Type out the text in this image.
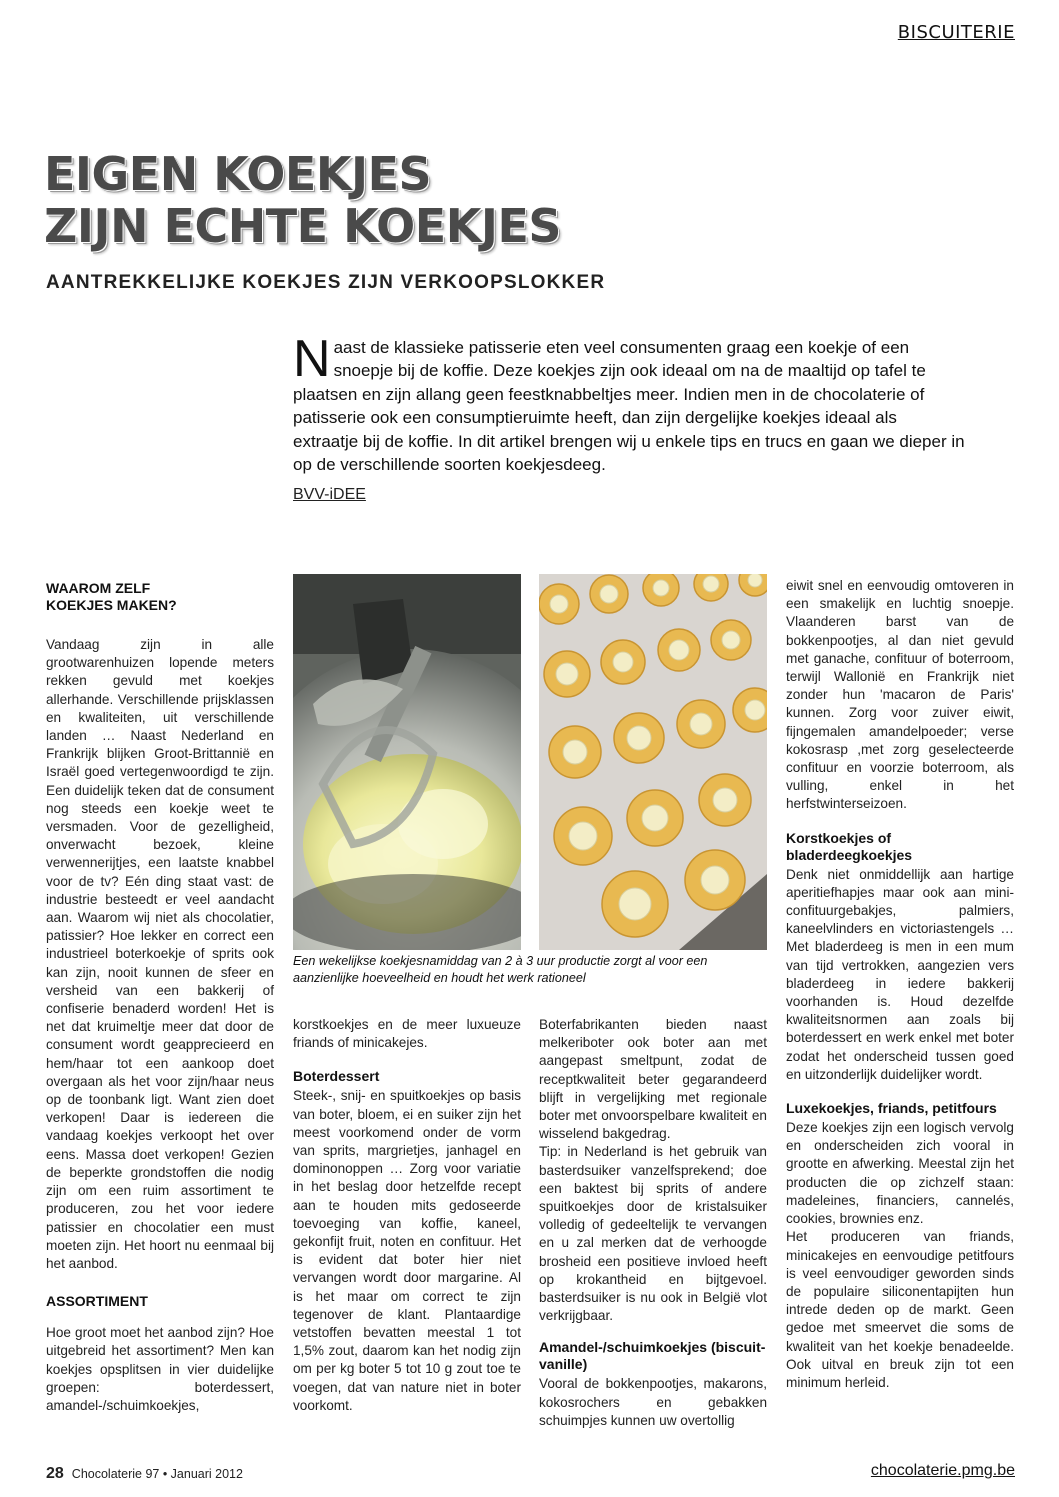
BISCUITERIE
EIGEN KOEKJES
ZIJN ECHTE KOEKJES
AANTREKKELIJKE KOEKJES ZIJN VERKOOPSLOKKER
Naast de klassieke patisserie eten veel consumenten graag een koekje of een snoepje bij de koffie. Deze koekjes zijn ook ideaal om na de maaltijd op tafel te plaatsen en zijn allang geen feestknabbeltjes meer. Indien men in de chocolaterie of patisserie ook een consumptieruimte heeft, dan zijn dergelijke koekjes ideaal als extraatje bij de koffie. In dit artikel brengen wij u enkele tips en trucs en gaan we dieper in op de verschillende soorten koekjesdeeg.
BVV-iDEE
WAAROM ZELF KOEKJES MAKEN?

Vandaag zijn in alle grootwarenhuizen lopende meters rekken gevuld met koekjes allerhande. Verschillende prijsklassen en kwaliteiten, uit verschillende landen … Naast Nederland en Frankrijk blijken Groot-Brittannië en Israël goed vertegenwoordigd te zijn. Een duidelijk teken dat de consument nog steeds een koekje weet te versmaden. Voor de gezelligheid, onverwacht bezoek, kleine verwennerijtjes, een laatste knabbel voor de tv? Eén ding staat vast: de industrie besteedt er veel aandacht aan. Waarom wij niet als chocolatier, patissier? Hoe lekker en correct een industrieel boterkoekje of sprits ook kan zijn, nooit kunnen de sfeer en versheid van een bakkerij of confiserie benaderd worden! Het is net dat kruimeltje meer dat door de consument wordt geapprecieerd en hem/haar tot een aankoop doet overgaan als het voor zijn/haar neus op de toonbank ligt. Want zien doet verkopen! Daar is iedereen die vandaag koekjes verkoopt het over eens. Massa doet verkopen! Gezien de beperkte grondstoffen die nodig zijn om een ruim assortiment te produceren, zou het voor iedere patissier en chocolatier een must moeten zijn. Het hoort nu eenmaal bij het aanbod.

ASSORTIMENT

Hoe groot moet het aanbod zijn? Hoe uitgebreid het assortiment? Men kan koekjes opsplitsen in vier duidelijke groepen: boterdessert, amandel-/schuimkoekjes,

Een wekelijkse koekjesnamiddag van 2 à 3 uur productie zorgt al voor een aanzienlijke hoeveelheid en houdt het werk rationeel

korstkoekjes en de meer luxueuze friands of minicakejes.

Boterdessert

Steek-, snij- en spuitkoekjes op basis van boter, bloem, ei en suiker zijn het meest voorkomend onder de vorm van sprits, margrietjes, janhagel en dominonoppen … Zorg voor variatie in het beslag door hetzelfde recept aan te houden mits gedoseerde toevoeging van koffie, kaneel, gekonfijt fruit, noten en confituur. Het is evident dat boter hier niet vervangen wordt door margarine. Al is het maar om correct te zijn tegenover de klant. Plantaardige vetstoffen bevatten meestal 1 tot 1,5% zout, daarom kan het nodig zijn om per kg boter 5 tot 10 g zout toe te voegen, dat van nature niet in boter voorkomt.

Boterfabrikanten bieden naast melkeriboter ook boter aan met aangepast smeltpunt, zodat de receptkwaliteit beter gegarandeerd blijft in vergelijking met regionale boter met onvoorspelbare kwaliteit en wisselend bakgedrag.

Tip: in Nederland is het gebruik van basterdsuiker vanzelfsprekend; doe een baktest bij sprits of andere spuitkoekjes door de kristalsuiker volledig of gedeeltelijk te vervangen en u zal merken dat de verhoogde brosheid een positieve invloed heeft op krokantheid en bijtgevoel. basterdsuiker is nu ook in België vlot verkrijgbaar.

Amandel-/schuimkoekjes (biscuit-vanille)

Vooral de bokkenpootjes, makarons, kokosrochers en gebakken schuimpjes kunnen uw overtollig

eiwit snel en eenvoudig omtoveren in een smakelijk en luchtig snoepje. Vlaanderen barst van de bokkenpootjes, al dan niet gevuld met ganache, confituur of boterroom, terwijl Wallonië en Frankrijk niet zonder hun 'macaron de Paris' kunnen. Zorg voor zuiver eiwit, fijngemalen amandelpoeder; verse kokosrasp ,met zorg geselecteerde confituur en voorzie boterroom, als vulling, enkel in het herfstwinterseizoen.

Korstkoekjes of bladerdeegkoekjes

Denk niet onmiddellijk aan hartige aperitiefhapjes maar ook aan mini-confituurgebakjes, palmiers, kaneelvlinders en victoriastengels … Met bladerdeeg is men in een mum van tijd vertrokken, aangezien vers bladerdeeg in iedere bakkerij voorhanden is. Houd dezelfde kwaliteitsnormen aan zoals bij boterdessert en werk enkel met boter zodat het onderscheid tussen goed en uitzonderlijk duidelijker wordt.

Luxekoekjes, friands, petitfours

Deze koekjes zijn een logisch vervolg en onderscheiden zich vooral in grootte en afwerking. Meestal zijn het producten die op zichzelf staan: madeleines, financiers, cannelés, cookies, brownies enz.

Het produceren van friands, minicakejes en eenvoudige petitfours is veel eenvoudiger geworden sinds de populaire siliconentapijten hun intrede deden op de markt. Geen gedoe met smeervet die soms de kwaliteit van het koekje benadeelde. Ook uitval en breuk zijn tot een minimum herleid.

28 Chocolaterie 97 • Januari 2012	chocolaterie.pmg.be
